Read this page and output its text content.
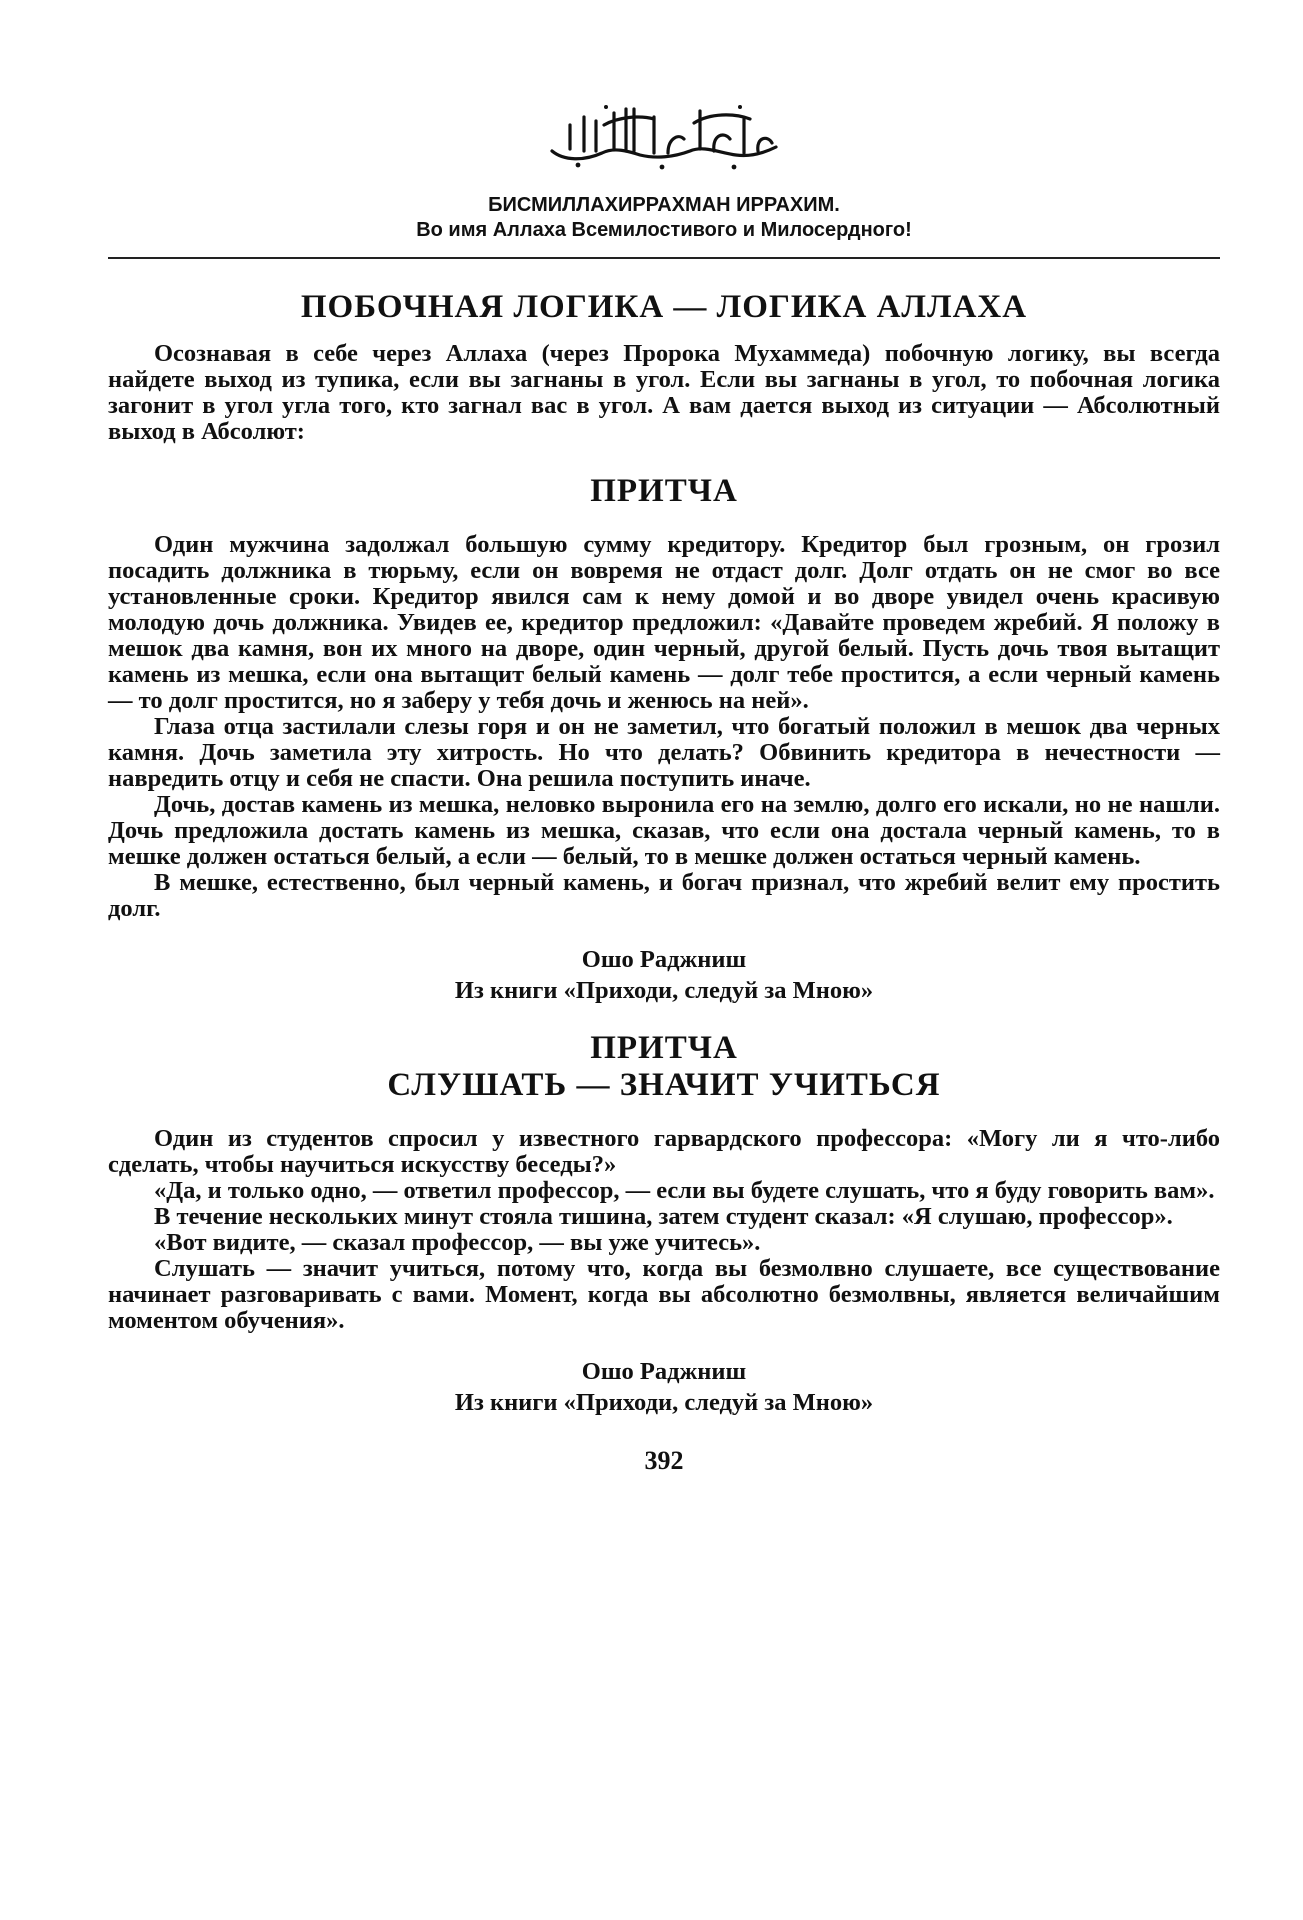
БИСМИЛЛАХИРРАХМАН ИРРАХИМ.
Во имя Аллаха Всемилостивого и Милосердного!
ПОБОЧНАЯ ЛОГИКА — ЛОГИКА АЛЛАХА

Осознавая в себе через Аллаха (через Пророка Мухаммеда) побочную логику, вы всегда найдете выход из тупика, если вы загнаны в угол. Если вы загнаны в угол, то побочная логика загонит в угол угла того, кто загнал вас в угол. А вам дается выход из ситуации — Абсолютный выход в Абсолют:

ПРИТЧА

Один мужчина задолжал большую сумму кредитору. Кредитор был грозным, он грозил посадить должника в тюрьму, если он вовремя не отдаст долг. Долг отдать он не смог во все установленные сроки. Кредитор явился сам к нему домой и во дворе увидел очень красивую молодую дочь должника. Увидев ее, кредитор предложил: «Давайте проведем жребий. Я положу в мешок два камня, вон их много на дворе, один черный, другой белый. Пусть дочь твоя вытащит камень из мешка, если она вытащит белый камень — долг тебе простится, а если черный камень — то долг простится, но я заберу у тебя дочь и женюсь на ней».

Глаза отца застилали слезы горя и он не заметил, что богатый положил в мешок два черных камня. Дочь заметила эту хитрость. Но что делать? Обвинить кредитора в нечестности — навредить отцу и себя не спасти. Она решила поступить иначе.

Дочь, достав камень из мешка, неловко выронила его на землю, долго его искали, но не нашли. Дочь предложила достать камень из мешка, сказав, что если она достала черный камень, то в мешке должен остаться белый, а если — белый, то в мешке должен остаться черный камень.

В мешке, естественно, был черный камень, и богач признал, что жребий велит ему простить долг.

Ошо Раджниш
Из книги «Приходи, следуй за Мною»
ПРИТЧА
СЛУШАТЬ — ЗНАЧИТ УЧИТЬСЯ

Один из студентов спросил у известного гарвардского профессора: «Могу ли я что-либо сделать, чтобы научиться искусству беседы?»

«Да, и только одно, — ответил профессор, — если вы будете слушать, что я буду говорить вам».

В течение нескольких минут стояла тишина, затем студент сказал: «Я слушаю, профессор».

«Вот видите, — сказал профессор, — вы уже учитесь».

Слушать — значит учиться, потому что, когда вы безмолвно слушаете, все существование начинает разговаривать с вами. Момент, когда вы абсолютно безмолвны, является величайшим моментом обучения».

Ошо Раджниш
Из книги «Приходи, следуй за Мною»
392
